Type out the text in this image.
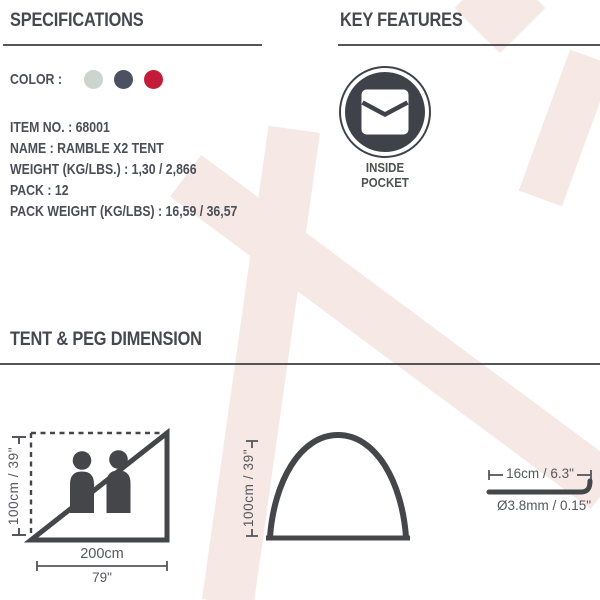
SPECIFICATIONS
COLOR :
ITEM NO. : 68001
NAME : RAMBLE X2 TENT
WEIGHT (KG/LBS.) : 1,30 / 2,866
PACK : 12
PACK WEIGHT (KG/LBS) : 16,59 / 36,57
KEY FEATURES
INSIDE
POCKET
TENT & PEG DIMENSION
100cm / 39"
200cm
79"
100cm / 39"	16cm / 6.3"
Ø3.8mm / 0.15"
